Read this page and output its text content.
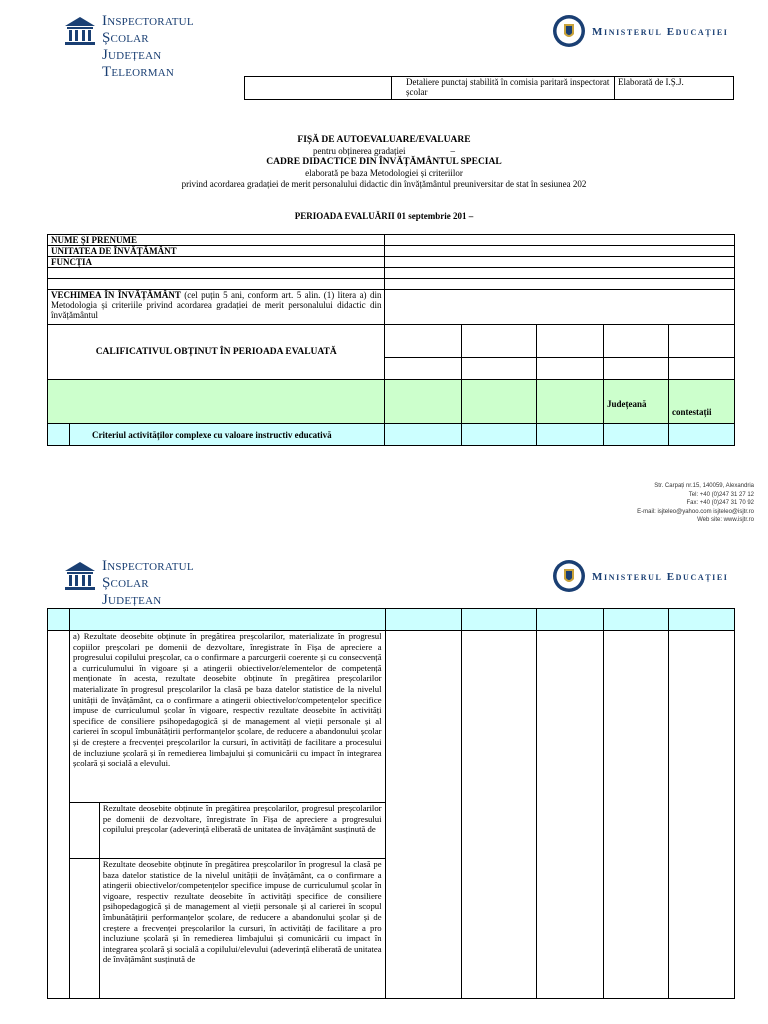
Inspectoratul Școlar
Județean Teleorman
Ministerul Educației
	Detaliere punctaj stabilită în comisia paritară inspectorat școlar	Elaborată de I.Ș.J.
FIȘĂ DE AUTOEVALUARE/EVALUARE
pentru obținerea gradației                    –
CADRE DIDACTICE DIN ÎNVĂȚĂMÂNTUL SPECIAL
elaborată pe baza Metodologiei și criteriilor
privind acordarea gradației de merit personalului didactic din învățământul preuniversitar de stat în sesiunea 202
PERIOADA EVALUĂRII 01 septembrie 201 –
NUME ȘI PRENUME						
UNITATEA DE ÎNVĂȚĂMÂNT						
FUNCȚIA						

VECHIMEA ÎN ÎNVĂȚĂMÂNT (cel puțin 5 ani, conform art. 5 alin. (1) litera a) din Metodologia și criteriile privind acordarea gradației de merit personalului didactic din învățământul						
CALIFICATIVUL OBȚINUT ÎN PERIOADA EVALUATĂ						

					Județeană	contestații
	Criteriul activităților complexe cu valoare instructiv educativă					
Str. Carpați nr.15, 140059, Alexandria
Tel: +40 (0)247 31 27 12
Fax: +40 (0)247 31 70 92
E-mail: isjteleo@yahoo.com isjteleo@isjtr.ro
Web site: www.isjtr.ro
Inspectoratul Școlar
Județean Teleorman
Ministerul Educației

	a) Rezultate deosebite obținute în pregătirea preșcolarilor, materializate în progresul copiilor preșcolari pe domenii de dezvoltare, înregistrate în Fișa de apreciere a progresului copilului preșcolar, ca o confirmare a parcurgerii coerente și cu consecvență a curriculumului în vigoare și a atingerii obiectivelor/elementelor de competență menționate în acesta, rezultate deosebite obținute în pregătirea preșcolarilor materializate în progresul preșcolarilor la clasă pe baza datelor statistice de la nivelul unității de învățământ, ca o confirmare a atingerii obiectivelor/competențelor specifice impuse de curriculumul școlar în vigoare, respectiv rezultate deosebite în activități specifice de consiliere psihopedagogică și de management al vieții personale și al carierei în scopul îmbunătățirii performanțelor școlare, de reducere a abandonului școlar și de creștere a frecvenței preșcolarilor la cursuri, în activități de facilitare a procesului de incluziune școlară și în remedierea limbajului și comunicării cu impact în integrarea școlară și socială a elevului.						
		Rezultate deosebite obținute în pregătirea preșcolarilor, progresul preșcolarilor pe domenii de dezvoltare, înregistrate în Fișa de apreciere a progresului copilului preșcolar (adeverință eliberată de unitatea de învățământ susținută de					
		Rezultate deosebite obținute în pregătirea preșcolarilor în progresul la clasă pe baza datelor statistice de la nivelul unității de învățământ, ca o confirmare a atingerii obiectivelor/competențelor specifice impuse de curriculumul școlar în vigoare, respectiv rezultate deosebite în activități specifice de consiliere psihopedagogică și de management al vieții personale și al carierei în scopul îmbunătățirii performanțelor școlare, de reducere a abandonului școlar și de creștere a frecvenței preșcolarilor la cursuri, în activități de facilitare a pro incluziune școlară și în remedierea limbajului și comunicării cu impact în integrarea școlară și socială a copilului/elevului (adeverință eliberată de unitatea de învățământ susținută de					
